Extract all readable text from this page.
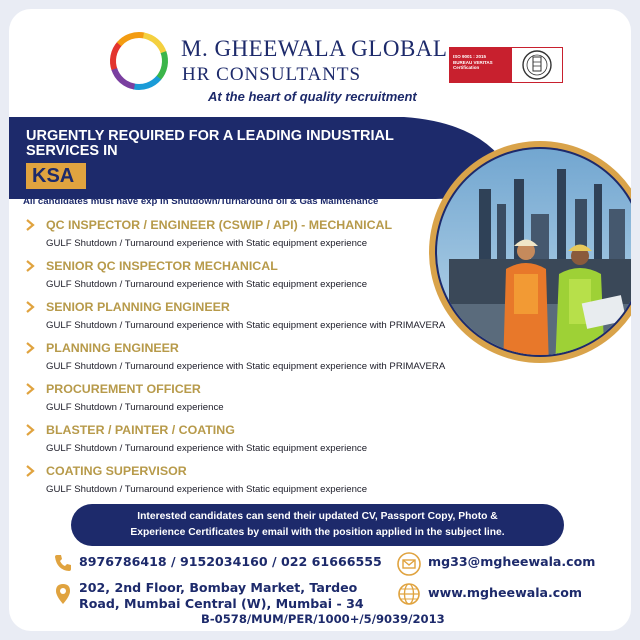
M. GHEEWALA GLOBAL
HR CONSULTANTS
At the heart of quality recruitment
ISO 9001 : 2015
BUREAU VERITAS
Certification
URGENTLY REQUIRED FOR A LEADING INDUSTRIAL
SERVICES IN
KSA
All candidates must have exp in Shutdown/Turnaround oil & Gas Maintenance
QC INSPECTOR / ENGINEER (CSWIP / API) - MECHANICAL
GULF Shutdown / Turnaround experience with Static equipment experience
SENIOR QC INSPECTOR MECHANICAL
GULF Shutdown / Turnaround experience with Static equipment experience
SENIOR PLANNING ENGINEER
GULF Shutdown / Turnaround experience with Static equipment experience with PRIMAVERA
PLANNING ENGINEER
GULF Shutdown / Turnaround experience with Static equipment experience with PRIMAVERA
PROCUREMENT OFFICER
GULF Shutdown / Turnaround experience
BLASTER / PAINTER / COATING
GULF Shutdown / Turnaround experience with Static equipment experience
COATING SUPERVISOR
GULF Shutdown / Turnaround experience with Static equipment experience
Interested candidates can send their updated CV, Passport Copy, Photo &
Experience Certificates by email with the position applied in the subject line.
8976786418 / 9152034160 / 022 61666555	mg33@mgheewala.com
202, 2nd Floor, Bombay Market, Tardeo
Road, Mumbai Central (W), Mumbai - 34
www.mgheewala.com
B-0578/MUM/PER/1000+/5/9039/2013
